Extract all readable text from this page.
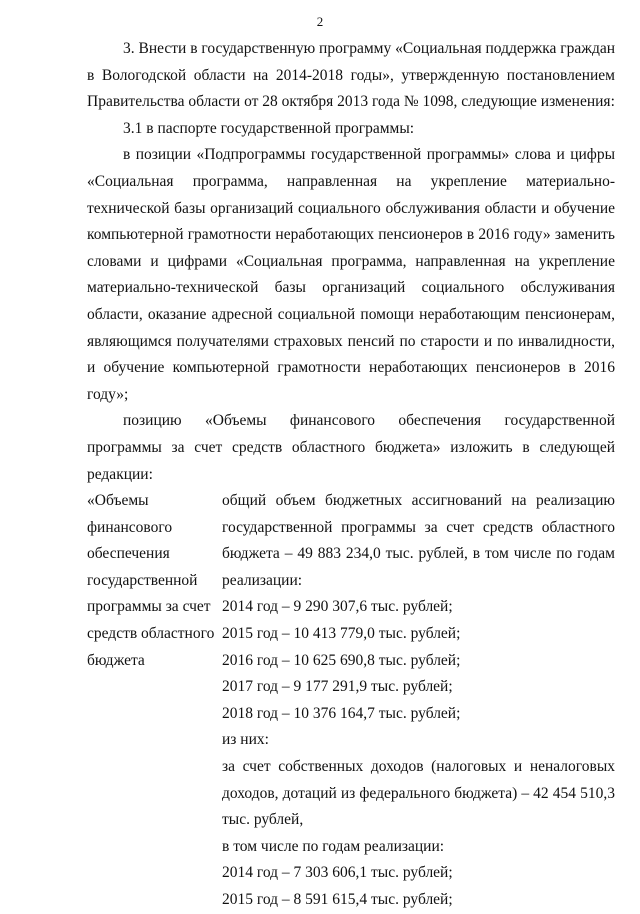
2

3. Внести в государственную программу «Социальная поддержка граждан в Вологодской области на 2014-2018 годы», утвержденную постановлением Правительства области от 28 октября 2013 года № 1098, следующие изменения:

3.1 в паспорте государственной программы:

в позиции «Подпрограммы государственной программы» слова и цифры «Социальная программа, направленная на укрепление материально-технической базы организаций социального обслуживания области и обучение компьютерной грамотности неработающих пенсионеров в 2016 году» заменить словами и цифрами «Социальная программа, направленная на укрепление материально-технической базы организаций социального обслуживания области, оказание адресной социальной помощи неработающим пенсионерам, являющимся получателями страховых пенсий по старости и по инвалидности, и обучение компьютерной грамотности неработающих пенсионеров в 2016 году»;

позицию «Объемы финансового обеспечения государственной программы за счет средств областного бюджета» изложить в следующей редакции:

«Объемы финансового обеспечения государственной программы за счет средств областного бюджета

общий объем бюджетных ассигнований на реализацию государственной программы за счет средств областного бюджета – 49 883 234,0 тыс. рублей, в том числе по годам реализации:

2014 год – 9 290 307,6 тыс. рублей;

2015 год – 10 413 779,0 тыс. рублей;

2016 год – 10 625 690,8 тыс. рублей;

2017 год – 9 177 291,9 тыс. рублей;

2018 год – 10 376 164,7 тыс. рублей;

из них:

за счет собственных доходов (налоговых и неналоговых доходов, дотаций из федерального бюджета) – 42 454 510,3 тыс. рублей,

в том числе по годам реализации:

2014 год – 7 303 606,1 тыс. рублей;

2015 год – 8 591 615,4 тыс. рублей;
